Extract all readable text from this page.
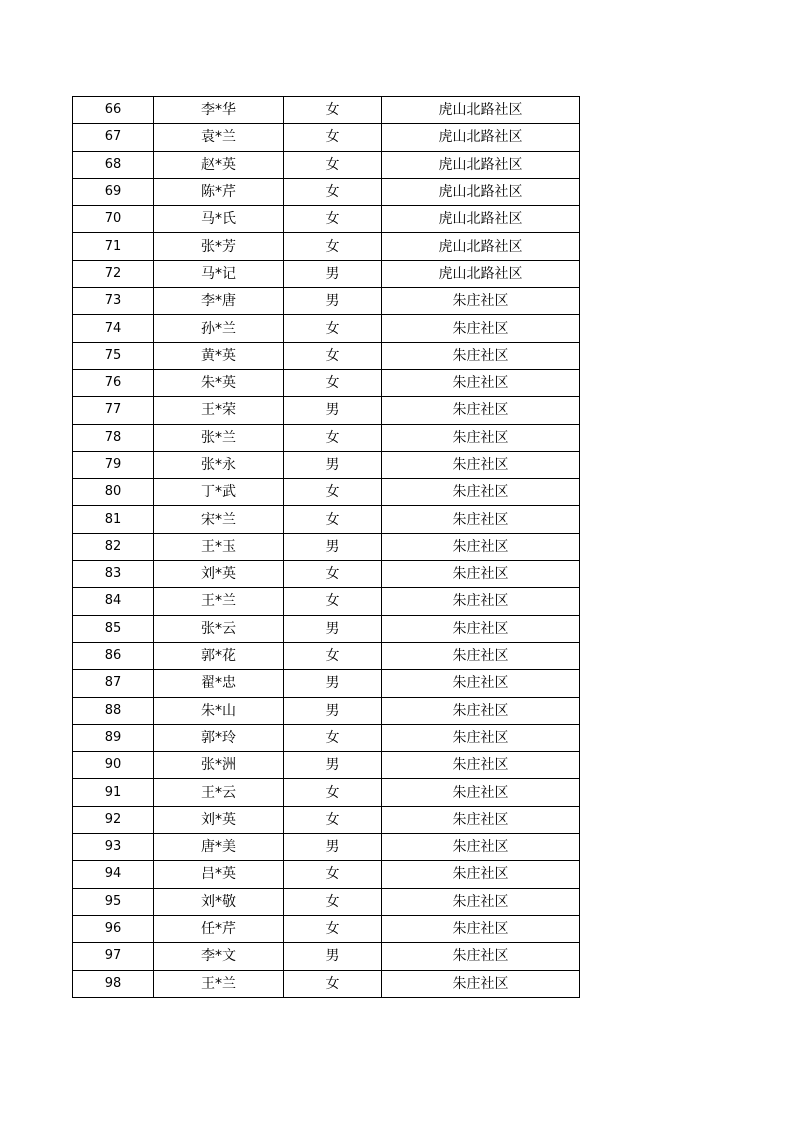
66	李*华	女	虎山北路社区
67	袁*兰	女	虎山北路社区
68	赵*英	女	虎山北路社区
69	陈*芹	女	虎山北路社区
70	马*氏	女	虎山北路社区
71	张*芳	女	虎山北路社区
72	马*记	男	虎山北路社区
73	李*唐	男	朱庄社区
74	孙*兰	女	朱庄社区
75	黄*英	女	朱庄社区
76	朱*英	女	朱庄社区
77	王*荣	男	朱庄社区
78	张*兰	女	朱庄社区
79	张*永	男	朱庄社区
80	丁*武	女	朱庄社区
81	宋*兰	女	朱庄社区
82	王*玉	男	朱庄社区
83	刘*英	女	朱庄社区
84	王*兰	女	朱庄社区
85	张*云	男	朱庄社区
86	郭*花	女	朱庄社区
87	翟*忠	男	朱庄社区
88	朱*山	男	朱庄社区
89	郭*玲	女	朱庄社区
90	张*洲	男	朱庄社区
91	王*云	女	朱庄社区
92	刘*英	女	朱庄社区
93	唐*美	男	朱庄社区
94	吕*英	女	朱庄社区
95	刘*敬	女	朱庄社区
96	任*芹	女	朱庄社区
97	李*文	男	朱庄社区
98	王*兰	女	朱庄社区
